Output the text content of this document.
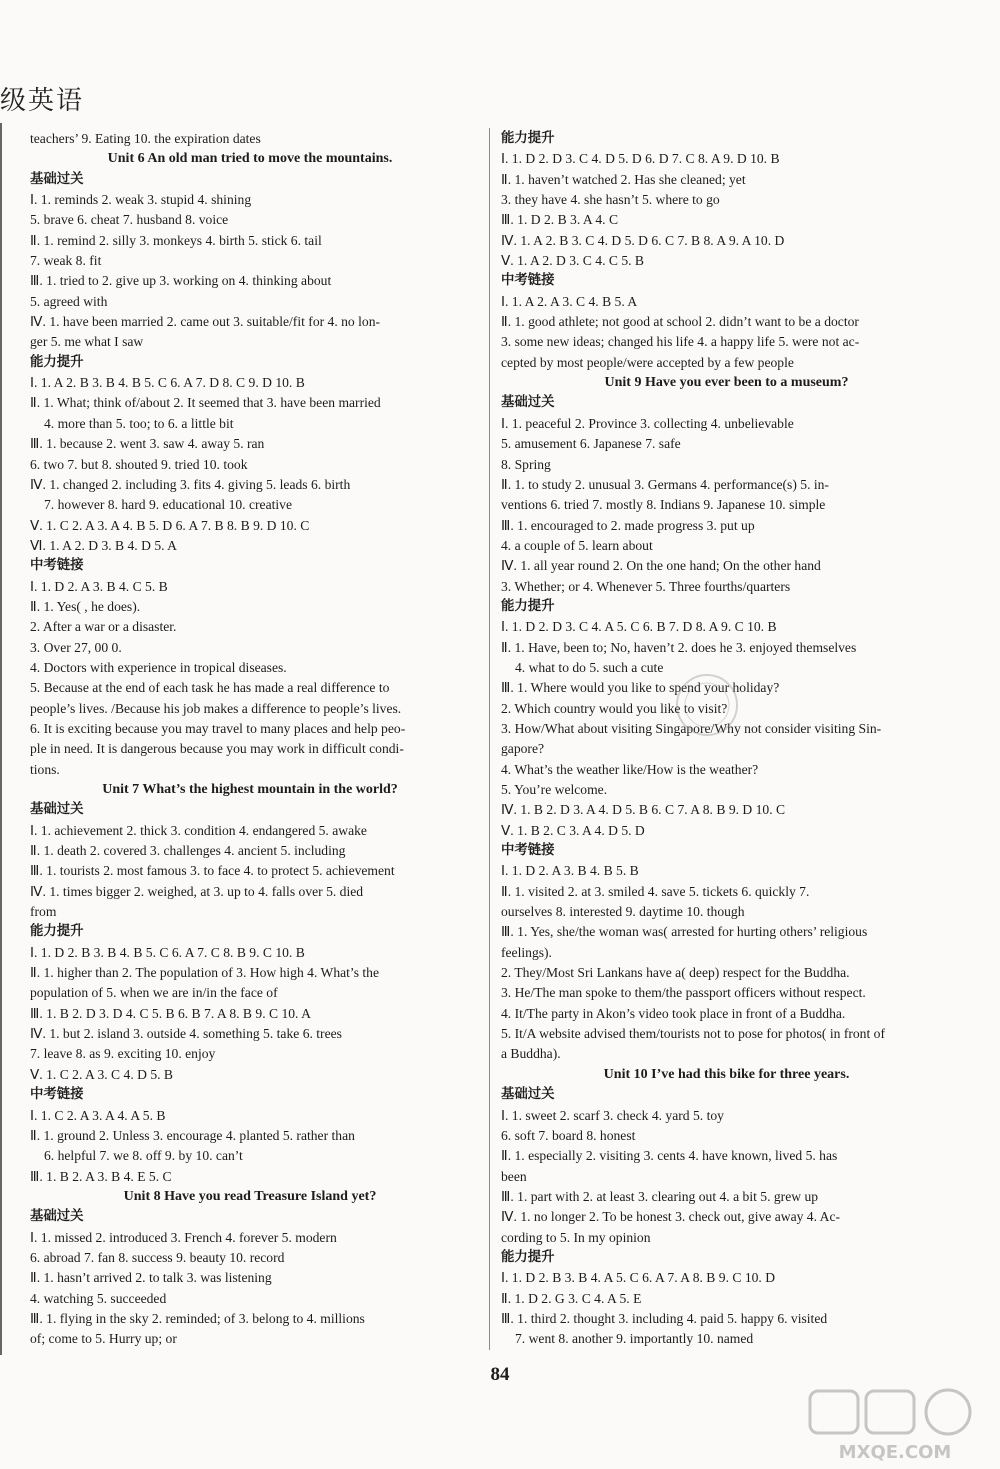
级英语
teachers’ 9. Eating 10. the expiration dates
Unit 6 An old man tried to move the mountains.
基础过关
Ⅰ. 1. reminds 2. weak 3. stupid 4. shining
5. brave 6. cheat 7. husband 8. voice
Ⅱ. 1. remind 2. silly 3. monkeys 4. birth 5. stick 6. tail
7. weak 8. fit
Ⅲ. 1. tried to 2. give up 3. working on 4. thinking about
5. agreed with
Ⅳ. 1. have been married 2. came out 3. suitable/fit for 4. no lon-
ger 5. me what I saw
能力提升
Ⅰ. 1. A 2. B 3. B 4. B 5. C 6. A 7. D 8. C 9. D 10. B
Ⅱ. 1. What; think of/about 2. It seemed that 3. have been married
4. more than 5. too; to 6. a little bit
Ⅲ. 1. because 2. went 3. saw 4. away 5. ran
6. two 7. but 8. shouted 9. tried 10. took
Ⅳ. 1. changed 2. including 3. fits 4. giving 5. leads 6. birth
7. however 8. hard 9. educational 10. creative
Ⅴ. 1. C 2. A 3. A 4. B 5. D 6. A 7. B 8. B 9. D 10. C
Ⅵ. 1. A 2. D 3. B 4. D 5. A
中考链接
Ⅰ. 1. D 2. A 3. B 4. C 5. B
Ⅱ. 1. Yes( , he does).
2. After a war or a disaster.
3. Over 27, 00 0.
4. Doctors with experience in tropical diseases.
5. Because at the end of each task he has made a real difference to
people’s lives. /Because his job makes a difference to people’s lives.
6. It is exciting because you may travel to many places and help peo-
ple in need. It is dangerous because you may work in difficult condi-
tions.
Unit 7 What’s the highest mountain in the world?
基础过关
Ⅰ. 1. achievement 2. thick 3. condition 4. endangered 5. awake
Ⅱ. 1. death 2. covered 3. challenges 4. ancient 5. including
Ⅲ. 1. tourists 2. most famous 3. to face 4. to protect 5. achievement
Ⅳ. 1. times bigger 2. weighed, at 3. up to 4. falls over 5. died
from
能力提升
Ⅰ. 1. D 2. B 3. B 4. B 5. C 6. A 7. C 8. B 9. C 10. B
Ⅱ. 1. higher than 2. The population of 3. How high 4. What’s the
population of 5. when we are in/in the face of
Ⅲ. 1. B 2. D 3. D 4. C 5. B 6. B 7. A 8. B 9. C 10. A
Ⅳ. 1. but 2. island 3. outside 4. something 5. take 6. trees
7. leave 8. as 9. exciting 10. enjoy
Ⅴ. 1. C 2. A 3. C 4. D 5. B
中考链接
Ⅰ. 1. C 2. A 3. A 4. A 5. B
Ⅱ. 1. ground 2. Unless 3. encourage 4. planted 5. rather than
6. helpful 7. we 8. off 9. by 10. can’t
Ⅲ. 1. B 2. A 3. B 4. E 5. C
Unit 8 Have you read Treasure Island yet?
基础过关
Ⅰ. 1. missed 2. introduced 3. French 4. forever 5. modern
6. abroad 7. fan 8. success 9. beauty 10. record
Ⅱ. 1. hasn’t arrived 2. to talk 3. was listening
4. watching 5. succeeded
Ⅲ. 1. flying in the sky 2. reminded; of 3. belong to 4. millions
of; come to 5. Hurry up; or
能力提升
Ⅰ. 1. D 2. D 3. C 4. D 5. D 6. D 7. C 8. A 9. D 10. B
Ⅱ. 1. haven’t watched 2. Has she cleaned; yet
3. they have 4. she hasn’t 5. where to go
Ⅲ. 1. D 2. B 3. A 4. C
Ⅳ. 1. A 2. B 3. C 4. D 5. D 6. C 7. B 8. A 9. A 10. D
Ⅴ. 1. A 2. D 3. C 4. C 5. B
中考链接
Ⅰ. 1. A 2. A 3. C 4. B 5. A
Ⅱ. 1. good athlete; not good at school 2. didn’t want to be a doctor
3. some new ideas; changed his life 4. a happy life 5. were not ac-
cepted by most people/were accepted by a few people
Unit 9 Have you ever been to a museum?
基础过关
Ⅰ. 1. peaceful 2. Province 3. collecting 4. unbelievable
5. amusement 6. Japanese 7. safe
8. Spring
Ⅱ. 1. to study 2. unusual 3. Germans 4. performance(s) 5. in-
ventions 6. tried 7. mostly 8. Indians 9. Japanese 10. simple
Ⅲ. 1. encouraged to 2. made progress 3. put up
4. a couple of 5. learn about
Ⅳ. 1. all year round 2. On the one hand; On the other hand
3. Whether; or 4. Whenever 5. Three fourths/quarters
能力提升
Ⅰ. 1. D 2. D 3. C 4. A 5. C 6. B 7. D 8. A 9. C 10. B
Ⅱ. 1. Have, been to; No, haven’t 2. does he 3. enjoyed themselves
4. what to do 5. such a cute
Ⅲ. 1. Where would you like to spend your holiday?
2. Which country would you like to visit?
3. How/What about visiting Singapore/Why not consider visiting Sin-
gapore?
4. What’s the weather like/How is the weather?
5. You’re welcome.
Ⅳ. 1. B 2. D 3. A 4. D 5. B 6. C 7. A 8. B 9. D 10. C
Ⅴ. 1. B 2. C 3. A 4. D 5. D
中考链接
Ⅰ. 1. D 2. A 3. B 4. B 5. B
Ⅱ. 1. visited 2. at 3. smiled 4. save 5. tickets 6. quickly 7.
ourselves 8. interested 9. daytime 10. though
Ⅲ. 1. Yes, she/the woman was( arrested for hurting others’ religious
feelings).
2. They/Most Sri Lankans have a( deep) respect for the Buddha.
3. He/The man spoke to them/the passport officers without respect.
4. It/The party in Akon’s video took place in front of a Buddha.
5. It/A website advised them/tourists not to pose for photos( in front of
a Buddha).
Unit 10 I’ve had this bike for three years.
基础过关
Ⅰ. 1. sweet 2. scarf 3. check 4. yard 5. toy
6. soft 7. board 8. honest
Ⅱ. 1. especially 2. visiting 3. cents 4. have known, lived 5. has
been
Ⅲ. 1. part with 2. at least 3. clearing out 4. a bit 5. grew up
Ⅳ. 1. no longer 2. To be honest 3. check out, give away 4. Ac-
cording to 5. In my opinion
能力提升
Ⅰ. 1. D 2. B 3. B 4. A 5. C 6. A 7. A 8. B 9. C 10. D
Ⅱ. 1. D 2. G 3. C 4. A 5. E
Ⅲ. 1. third 2. thought 3. including 4. paid 5. happy 6. visited
7. went 8. another 9. importantly 10. named
84
MXQE.COM
